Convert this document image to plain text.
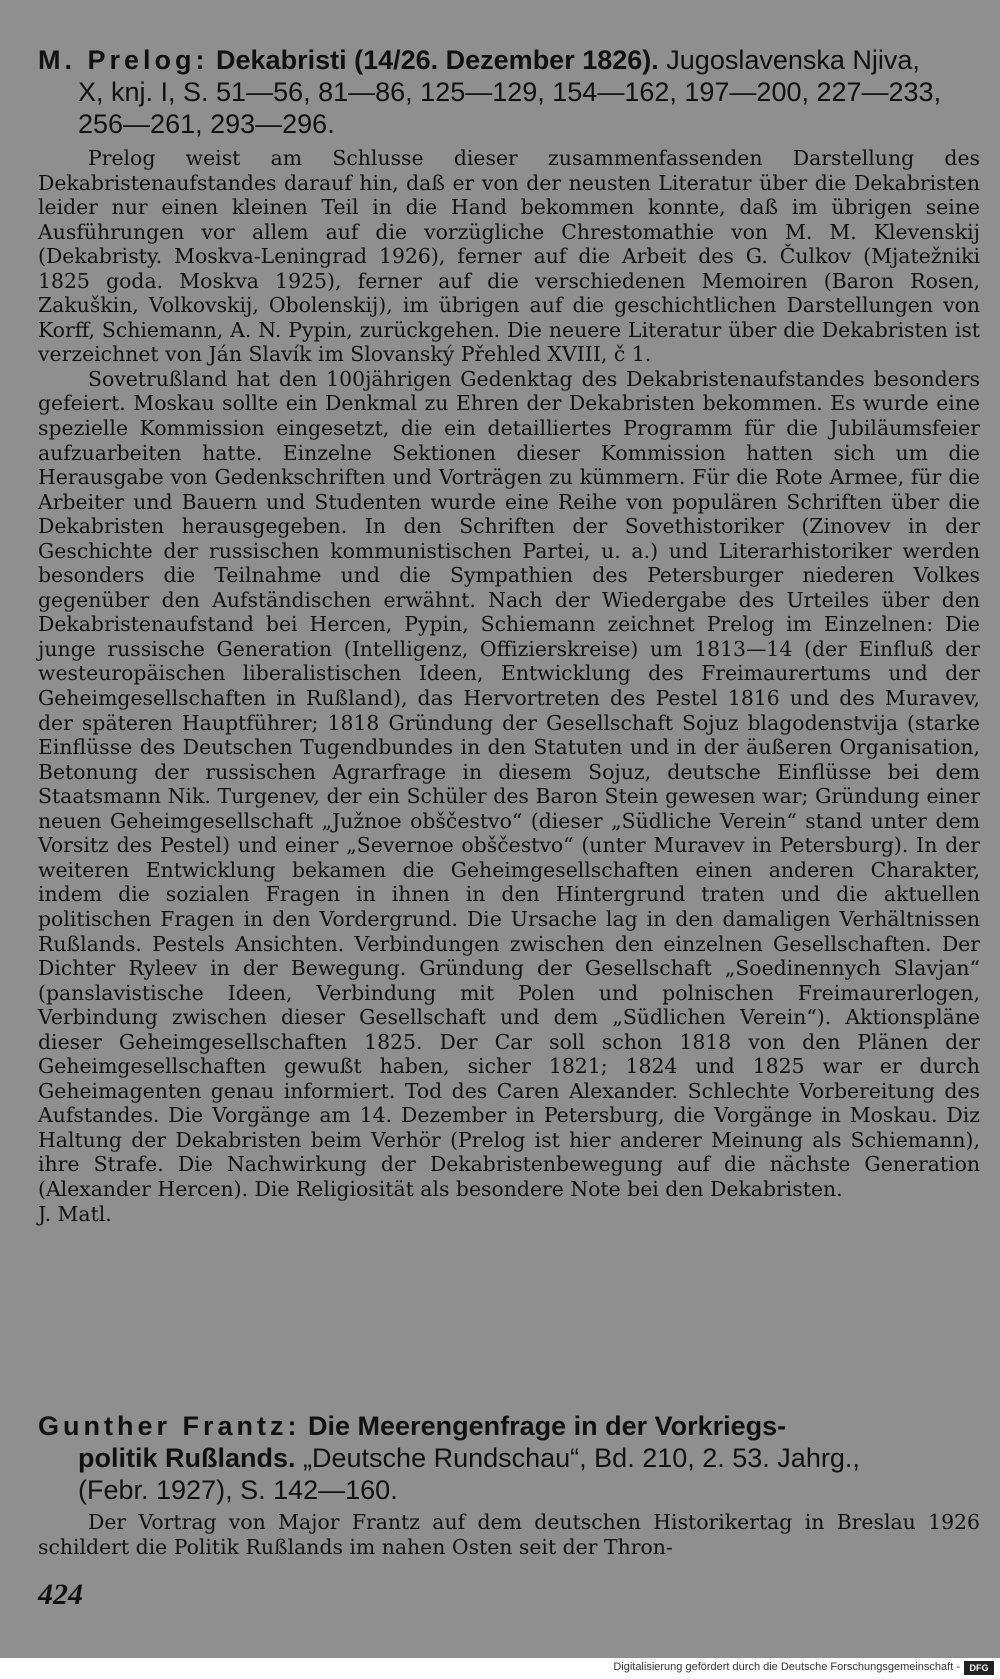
M. Prelog: Dekabristi (14/26. Dezember 1826). Jugoslavenska Njiva,
X, knj. I, S. 51—56, 81—86, 125—129, 154—162, 197—200, 227—233,
256—261, 293—296.

Prelog weist am Schlusse dieser zusammenfassenden Darstellung des Dekabristenaufstandes darauf hin, daß er von der neusten Literatur über die Dekabristen leider nur einen kleinen Teil in die Hand bekommen konnte, daß im übrigen seine Ausführungen vor allem auf die vorzügliche Chrestomathie von M. M. Klevenskij (Dekabristy. Moskva-Leningrad 1926), ferner auf die Arbeit des G. Čulkov (Mjatežniki 1825 goda. Moskva 1925), ferner auf die verschiedenen Memoiren (Baron Rosen, Zakuškin, Volkovskij, Obolenskij), im übrigen auf die geschichtlichen Darstellungen von Korff, Schiemann, A. N. Pypin, zurückgehen. Die neuere Literatur über die Dekabristen ist verzeichnet von Ján Slavík im Slovanský Přehled XVIII, č 1.

Sovetrußland hat den 100jährigen Gedenktag des Dekabristenaufstandes besonders gefeiert. Moskau sollte ein Denkmal zu Ehren der Dekabristen bekommen. Es wurde eine spezielle Kommission eingesetzt, die ein detailliertes Programm für die Jubiläumsfeier aufzuarbeiten hatte. Einzelne Sektionen dieser Kommission hatten sich um die Herausgabe von Gedenkschriften und Vorträgen zu kümmern. Für die Rote Armee, für die Arbeiter und Bauern und Studenten wurde eine Reihe von populären Schriften über die Dekabristen herausgegeben. In den Schriften der Sovethistoriker (Zinovev in der Geschichte der russischen kommunistischen Partei, u. a.) und Literarhistoriker werden besonders die Teilnahme und die Sympathien des Petersburger niederen Volkes gegenüber den Aufständischen erwähnt. Nach der Wiedergabe des Urteiles über den Dekabristenaufstand bei Hercen, Pypin, Schiemann zeichnet Prelog im Einzelnen: Die junge russische Generation (Intelligenz, Offizierskreise) um 1813—14 (der Einfluß der westeuropäischen liberalistischen Ideen, Entwicklung des Freimaurertums und der Geheimgesellschaften in Rußland), das Hervortreten des Pestel 1816 und des Muravev, der späteren Hauptführer; 1818 Gründung der Gesellschaft Sojuz blagodenstvija (starke Einflüsse des Deutschen Tugendbundes in den Statuten und in der äußeren Organisation, Betonung der russischen Agrarfrage in diesem Sojuz, deutsche Einflüsse bei dem Staatsmann Nik. Turgenev, der ein Schüler des Baron Stein gewesen war; Gründung einer neuen Geheimgesellschaft „Južnoe obščestvo“ (dieser „Südliche Verein“ stand unter dem Vorsitz des Pestel) und einer „Severnoe obščestvo“ (unter Muravev in Petersburg). In der weiteren Entwicklung bekamen die Geheimgesellschaften einen anderen Charakter, indem die sozialen Fragen in ihnen in den Hintergrund traten und die aktuellen politischen Fragen in den Vordergrund. Die Ursache lag in den damaligen Verhältnissen Rußlands. Pestels Ansichten. Verbindungen zwischen den einzelnen Gesellschaften. Der Dichter Ryleev in der Bewegung. Gründung der Gesellschaft „Soedinennych Slavjan“ (panslavistische Ideen, Verbindung mit Polen und polnischen Freimaurerlogen, Verbindung zwischen dieser Gesellschaft und dem „Südlichen Verein“). Aktionspläne dieser Geheimgesellschaften 1825. Der Car soll schon 1818 von den Plänen der Geheimgesellschaften gewußt haben, sicher 1821; 1824 und 1825 war er durch Geheimagenten genau informiert. Tod des Caren Alexander. Schlechte Vorbereitung des Aufstandes. Die Vorgänge am 14. Dezember in Petersburg, die Vorgänge in Moskau. Diz Haltung der Dekabristen beim Verhör (Prelog ist hier anderer Meinung als Schiemann), ihre Strafe. Die Nachwirkung der Dekabristenbewegung auf die nächste Generation (Alexander Hercen). Die Religiosität als besondere Note bei den Dekabristen.

J. Matl.

Gunther Frantz: Die Meerengenfrage in der Vorkriegs-
politik Rußlands. „Deutsche Rundschau“, Bd. 210, 2. 53. Jahrg.,
(Febr. 1927), S. 142—160.

Der Vortrag von Major Frantz auf dem deutschen Historikertag in Breslau 1926 schildert die Politik Rußlands im nahen Osten seit der Thron-

424
Digitalisierung gefördert durch die Deutsche Forschungsgemeinschaft -	DFG
